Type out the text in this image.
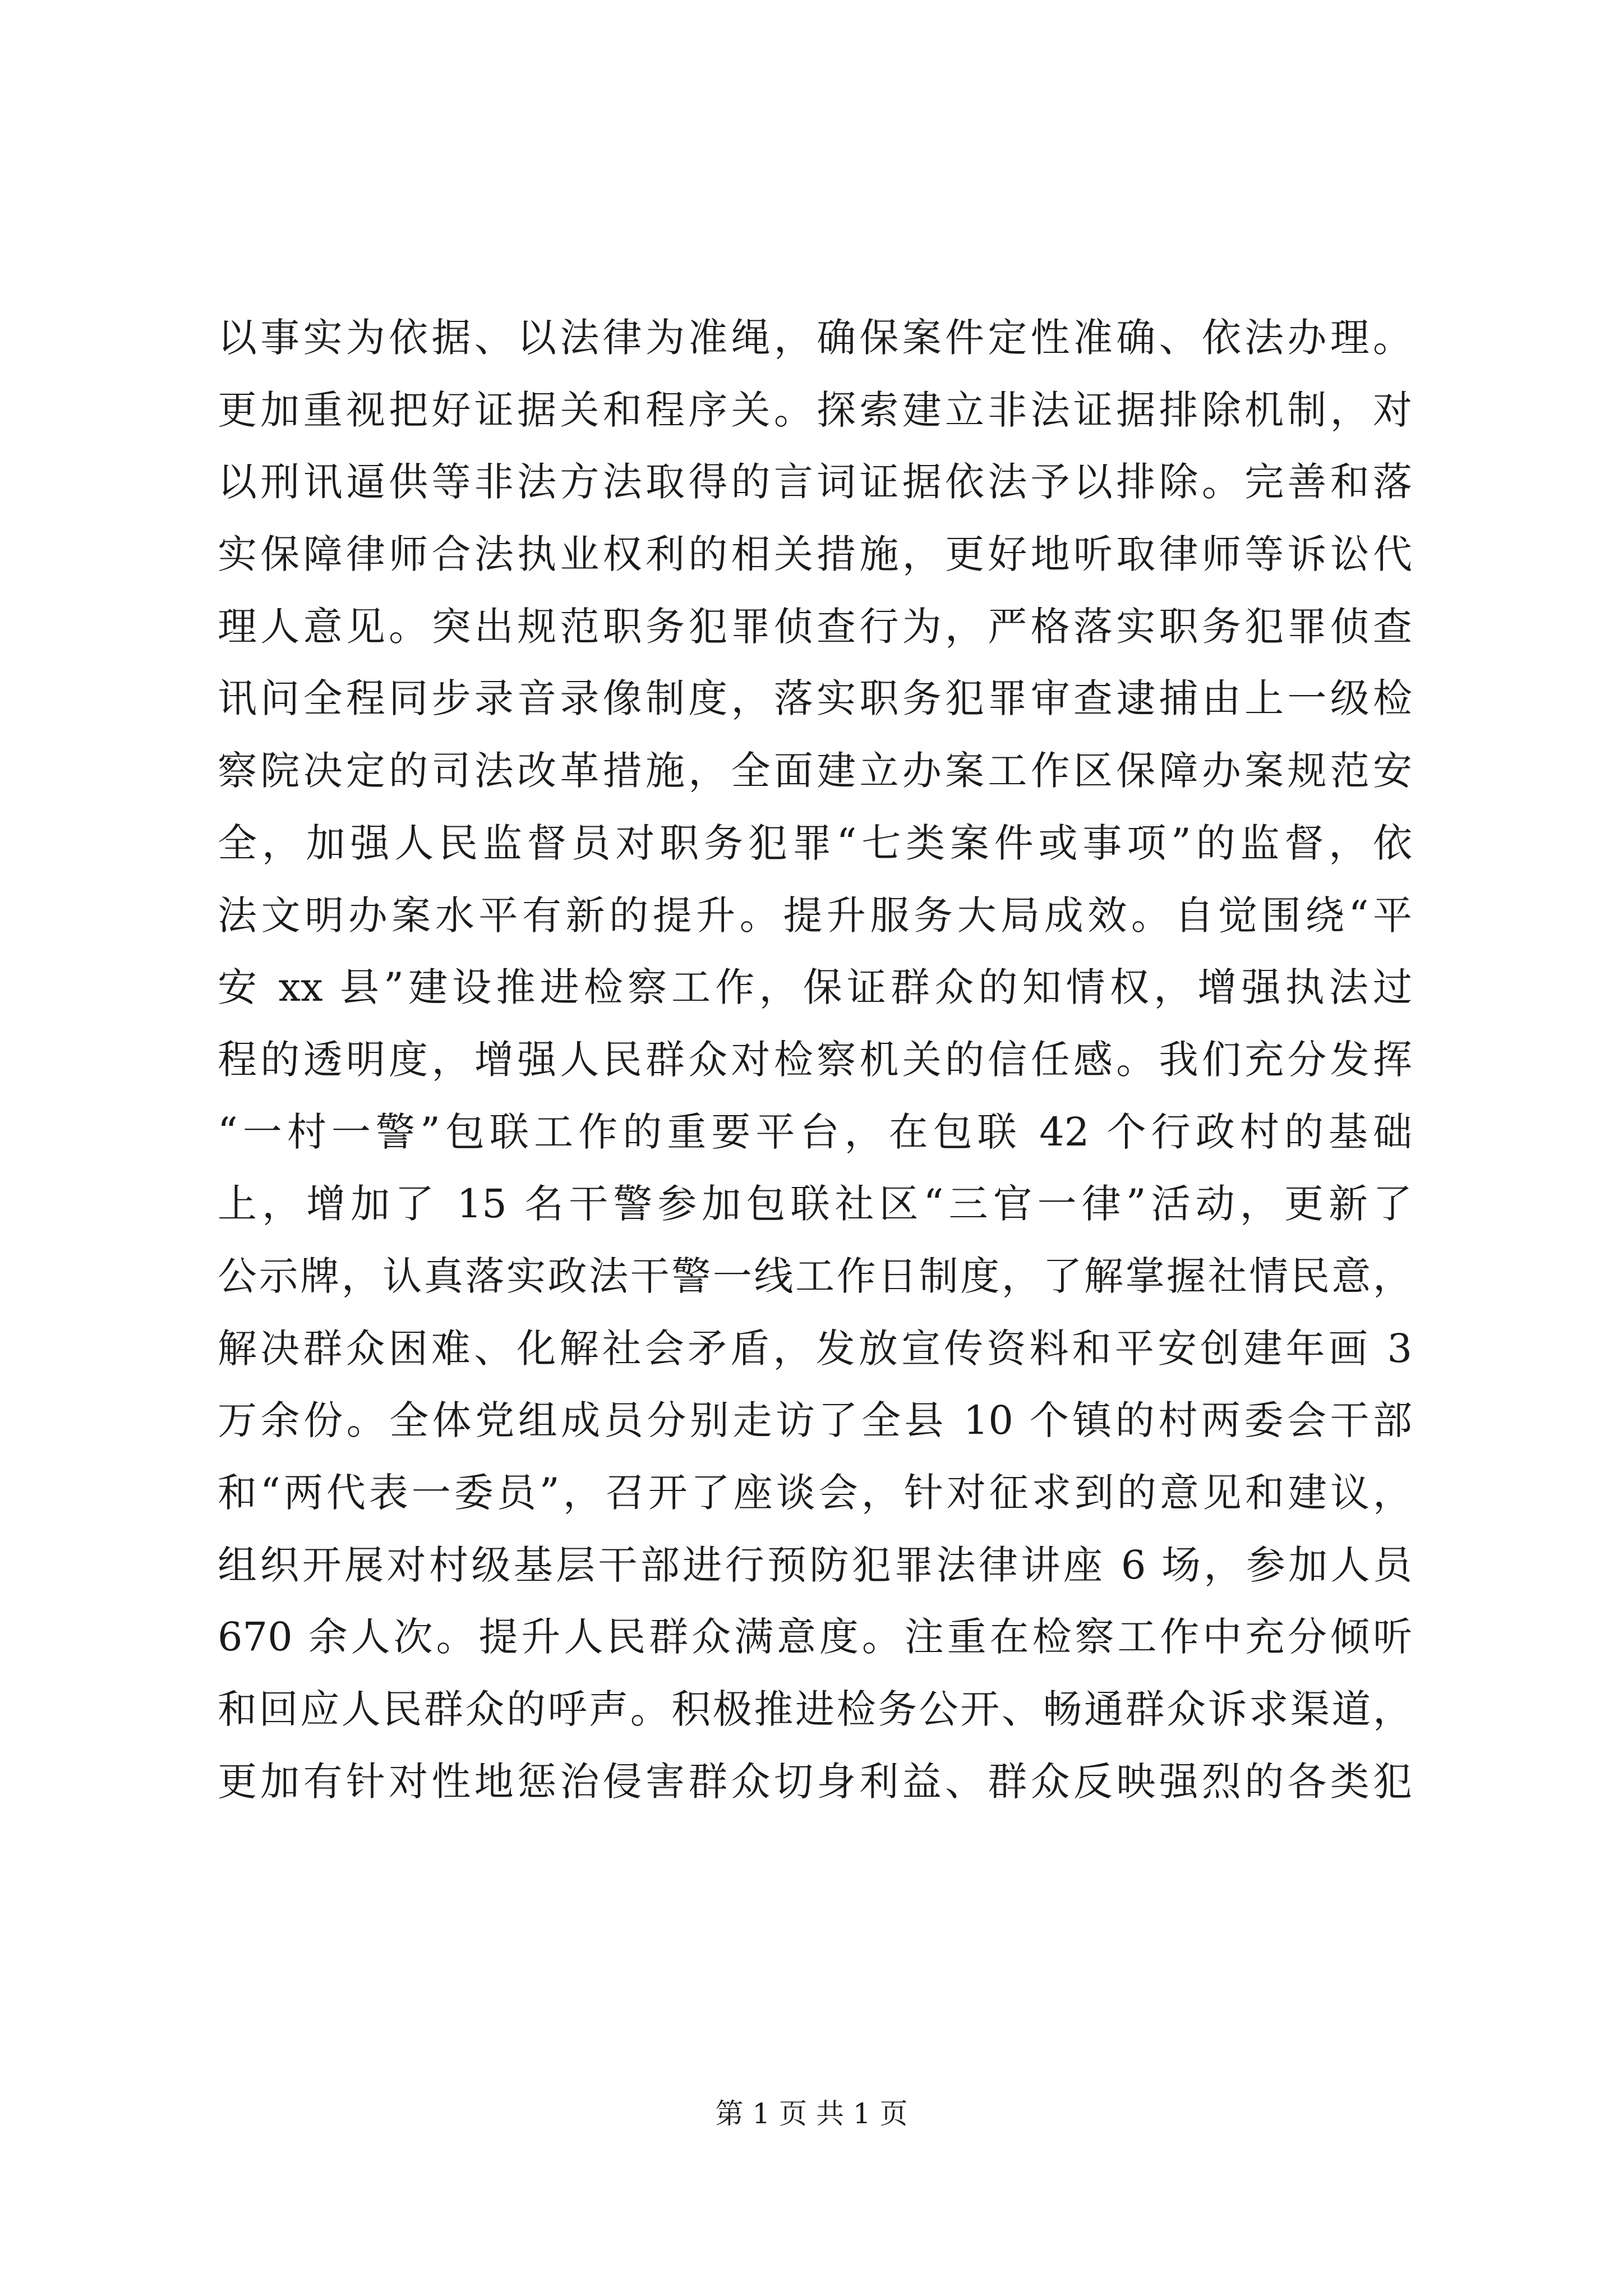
以事实为依据、以法律为准绳，确保案件定性准确、依法办理。
更加重视把好证据关和程序关。探索建立非法证据排除机制，对
以刑讯逼供等非法方法取得的言词证据依法予以排除。完善和落
实保障律师合法执业权利的相关措施，更好地听取律师等诉讼代
理人意见。突出规范职务犯罪侦查行为，严格落实职务犯罪侦查
讯问全程同步录音录像制度，落实职务犯罪审查逮捕由上一级检
察院决定的司法改革措施，全面建立办案工作区保障办案规范安
全，加强人民监督员对职务犯罪“七类案件或事项”的监督，依
法文明办案水平有新的提升。提升服务大局成效。自觉围绕“平
安 xx 县”建设推进检察工作，保证群众的知情权，增强执法过
程的透明度，增强人民群众对检察机关的信任感。我们充分发挥
“一村一警”包联工作的重要平台，在包联 42 个行政村的基础
上，增加了 15 名干警参加包联社区“三官一律”活动，更新了
公示牌，认真落实政法干警一线工作日制度，了解掌握社情民意，
解决群众困难、化解社会矛盾，发放宣传资料和平安创建年画 3
万余份。全体党组成员分别走访了全县 10 个镇的村两委会干部
和“两代表一委员”，召开了座谈会，针对征求到的意见和建议，
组织开展对村级基层干部进行预防犯罪法律讲座 6 场，参加人员
670 余人次。提升人民群众满意度。注重在检察工作中充分倾听
和回应人民群众的呼声。积极推进检务公开、畅通群众诉求渠道，
更加有针对性地惩治侵害群众切身利益、群众反映强烈的各类犯
第 1 页 共 1 页
